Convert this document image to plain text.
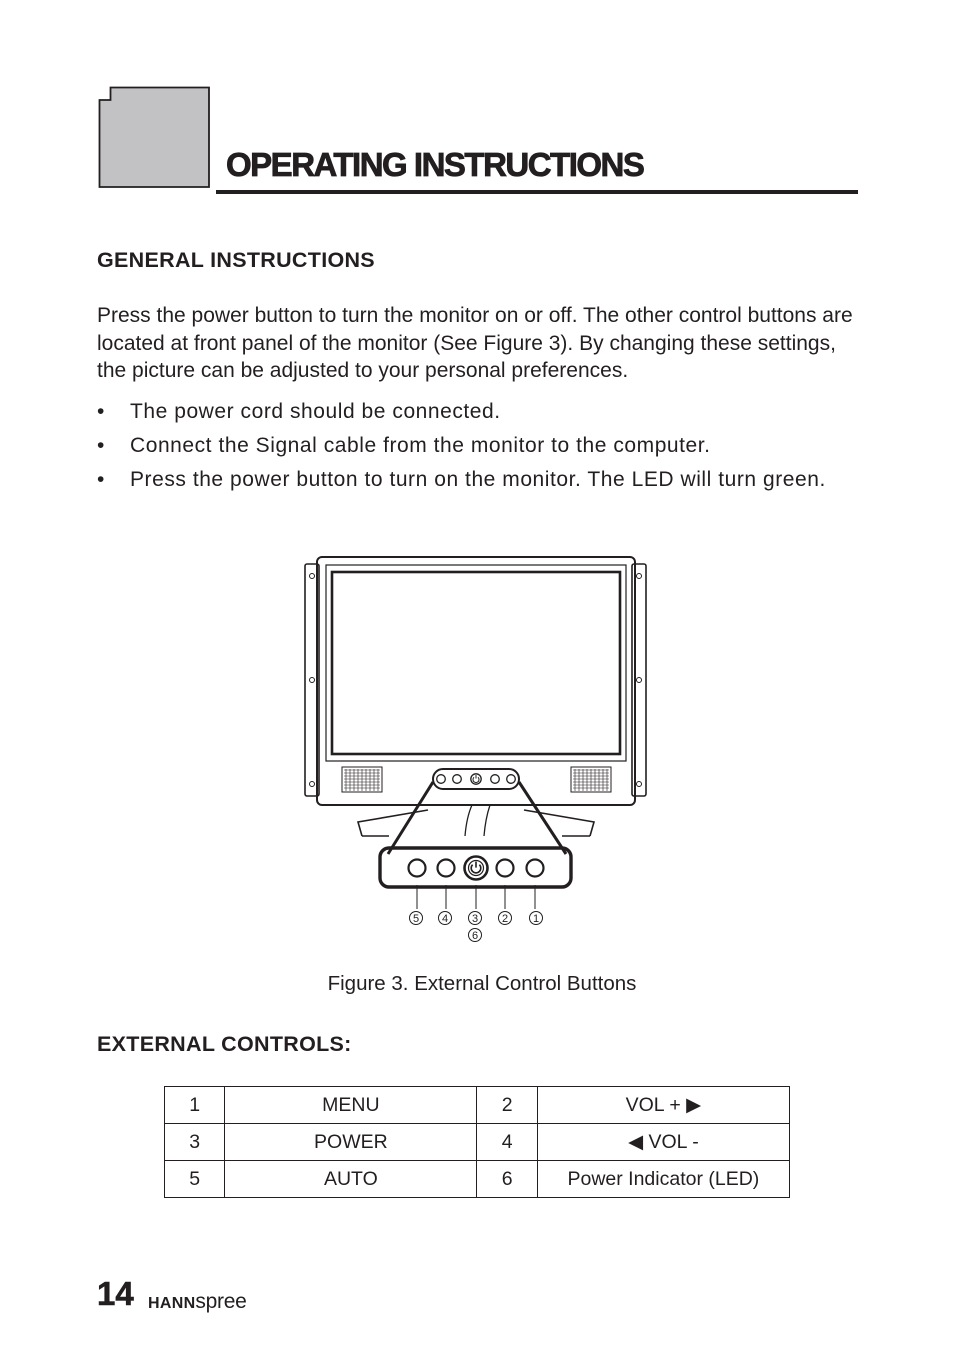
OPERATING INSTRUCTIONS
GENERAL INSTRUCTIONS

Press the power button to turn the monitor on or off. The other control buttons are located at front panel of the monitor (See Figure 3). By changing these settings, the picture can be adjusted to your personal preferences.

• The power cord should be connected.
• Connect the Signal cable from the monitor to the computer.
• Press the power button to turn on the monitor. The LED will turn green.
5 4 3 2 1
6

Figure 3. External Control Buttons

EXTERNAL CONTROLS:
1	MENU	2	VOL + ▶
3	POWER	4	◀ VOL -
5	AUTO	6	Power Indicator (LED)
14 HANNspree
